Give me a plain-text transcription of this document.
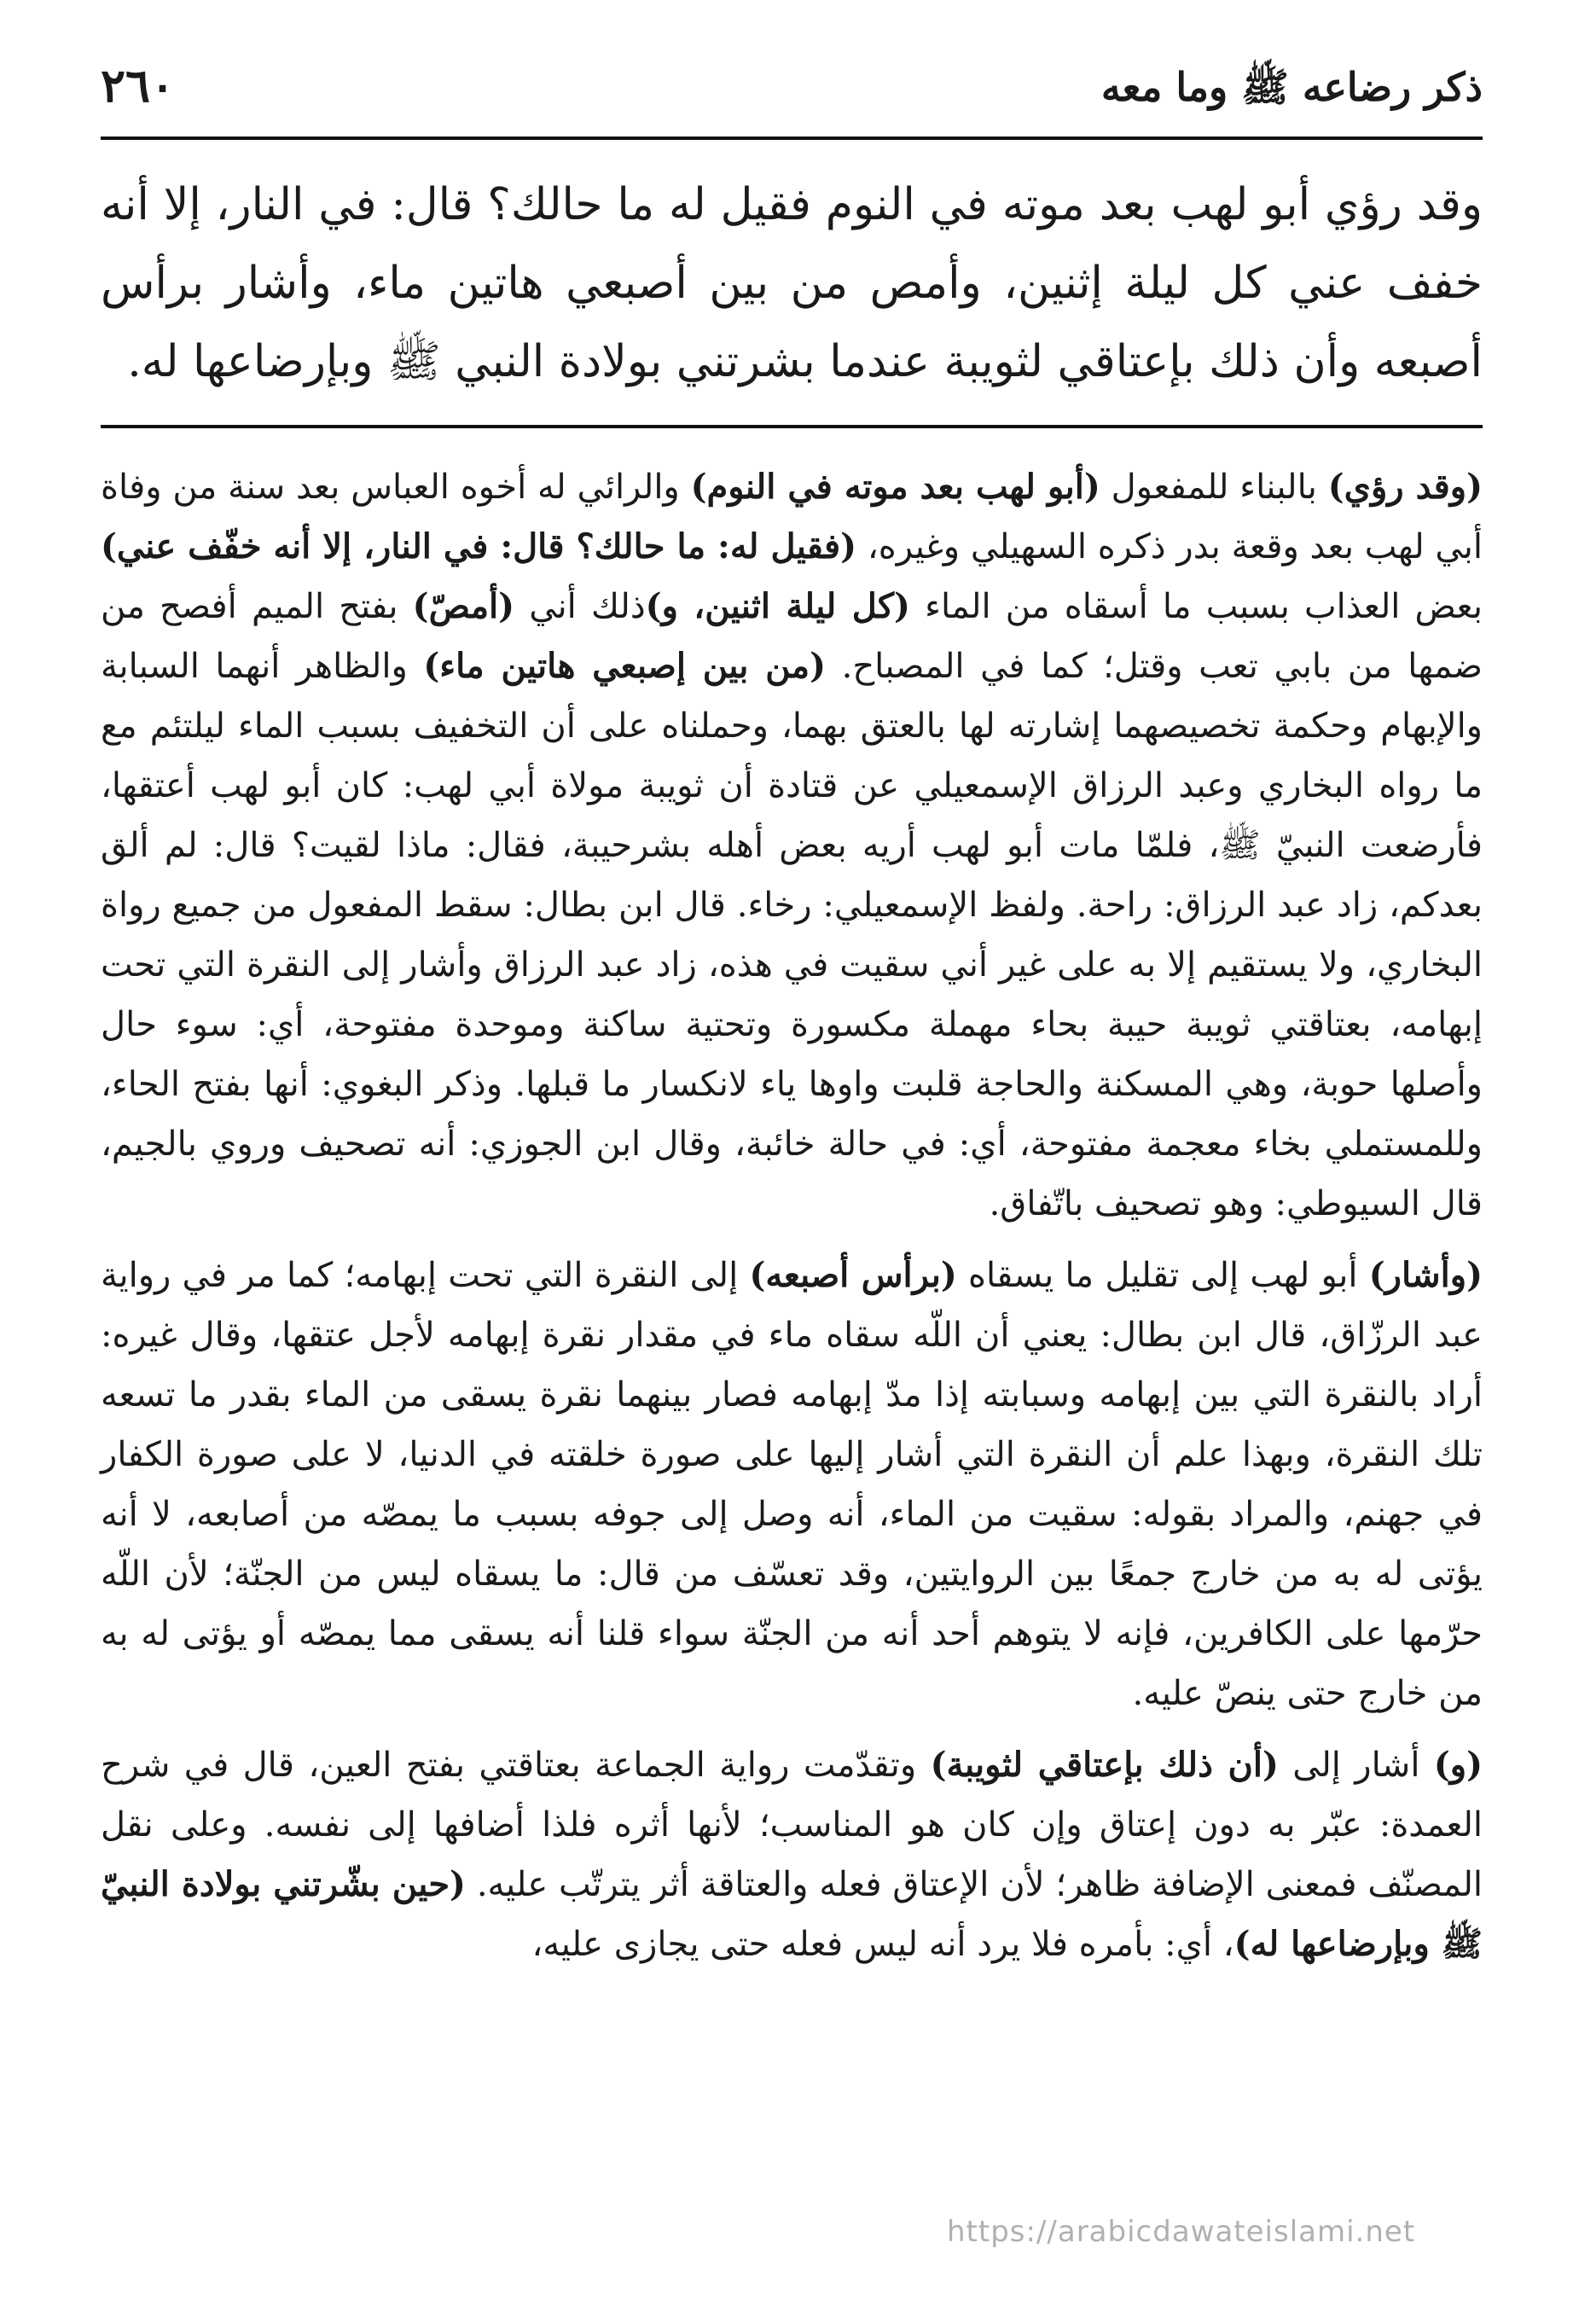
ذكر رضاعه ﷺ وما معه
٢٦٠
وقد رؤي أبو لهب بعد موته في النوم فقيل له ما حالك؟ قال: في النار، إلا أنه خفف عني كل ليلة إثنين، وأمص من بين أصبعي هاتين ماء، وأشار برأس أصبعه وأن ذلك بإعتاقي لثويبة عندما بشرتني بولادة النبي ﷺ وبإرضاعها له.

(وقد رؤي) بالبناء للمفعول (أبو لهب بعد موته في النوم) والرائي له أخوه العباس بعد سنة من وفاة أبي لهب بعد وقعة بدر ذكره السهيلي وغيره، (فقيل له: ما حالك؟ قال: في النار، إلا أنه خفّف عني) بعض العذاب بسبب ما أسقاه من الماء (كل ليلة اثنين، و)ذلك أني (أمصّ) بفتح الميم أفصح من ضمها من بابي تعب وقتل؛ كما في المصباح. (من بين إصبعي هاتين ماء) والظاهر أنهما السبابة والإبهام وحكمة تخصيصهما إشارته لها بالعتق بهما، وحملناه على أن التخفيف بسبب الماء ليلتئم مع ما رواه البخاري وعبد الرزاق الإسمعيلي عن قتادة أن ثويبة مولاة أبي لهب: كان أبو لهب أعتقها، فأرضعت النبيّ ﷺ، فلمّا مات أبو لهب أريه بعض أهله بشرحيبة، فقال: ماذا لقيت؟ قال: لم ألق بعدكم، زاد عبد الرزاق: راحة. ولفظ الإسمعيلي: رخاء. قال ابن بطال: سقط المفعول من جميع رواة البخاري، ولا يستقيم إلا به على غير أني سقيت في هذه، زاد عبد الرزاق وأشار إلى النقرة التي تحت إبهامه، بعتاقتي ثويبة حيبة بحاء مهملة مكسورة وتحتية ساكنة وموحدة مفتوحة، أي: سوء حال وأصلها حوبة، وهي المسكنة والحاجة قلبت واوها ياء لانكسار ما قبلها. وذكر البغوي: أنها بفتح الحاء، وللمستملي بخاء معجمة مفتوحة، أي: في حالة خائبة، وقال ابن الجوزي: أنه تصحيف وروي بالجيم، قال السيوطي: وهو تصحيف باتّفاق.

(وأشار) أبو لهب إلى تقليل ما يسقاه (برأس أصبعه) إلى النقرة التي تحت إبهامه؛ كما مر في رواية عبد الرزّاق، قال ابن بطال: يعني أن اللّه سقاه ماء في مقدار نقرة إبهامه لأجل عتقها، وقال غيره: أراد بالنقرة التي بين إبهامه وسبابته إذا مدّ إبهامه فصار بينهما نقرة يسقى من الماء بقدر ما تسعه تلك النقرة، وبهذا علم أن النقرة التي أشار إليها على صورة خلقته في الدنيا، لا على صورة الكفار في جهنم، والمراد بقوله: سقيت من الماء، أنه وصل إلى جوفه بسبب ما يمصّه من أصابعه، لا أنه يؤتى له به من خارج جمعًا بين الروايتين، وقد تعسّف من قال: ما يسقاه ليس من الجنّة؛ لأن اللّه حرّمها على الكافرين، فإنه لا يتوهم أحد أنه من الجنّة سواء قلنا أنه يسقى مما يمصّه أو يؤتى له به من خارج حتى ينصّ عليه.

(و) أشار إلى (أن ذلك بإعتاقي لثويبة) وتقدّمت رواية الجماعة بعتاقتي بفتح العين، قال في شرح العمدة: عبّر به دون إعتاق وإن كان هو المناسب؛ لأنها أثره فلذا أضافها إلى نفسه. وعلى نقل المصنّف فمعنى الإضافة ظاهر؛ لأن الإعتاق فعله والعتاقة أثر يترتّب عليه. (حين بشّرتني بولادة النبيّ ﷺ وبإرضاعها له)، أي: بأمره فلا يرد أنه ليس فعله حتى يجازى عليه،

https://arabicdawateislami.net
